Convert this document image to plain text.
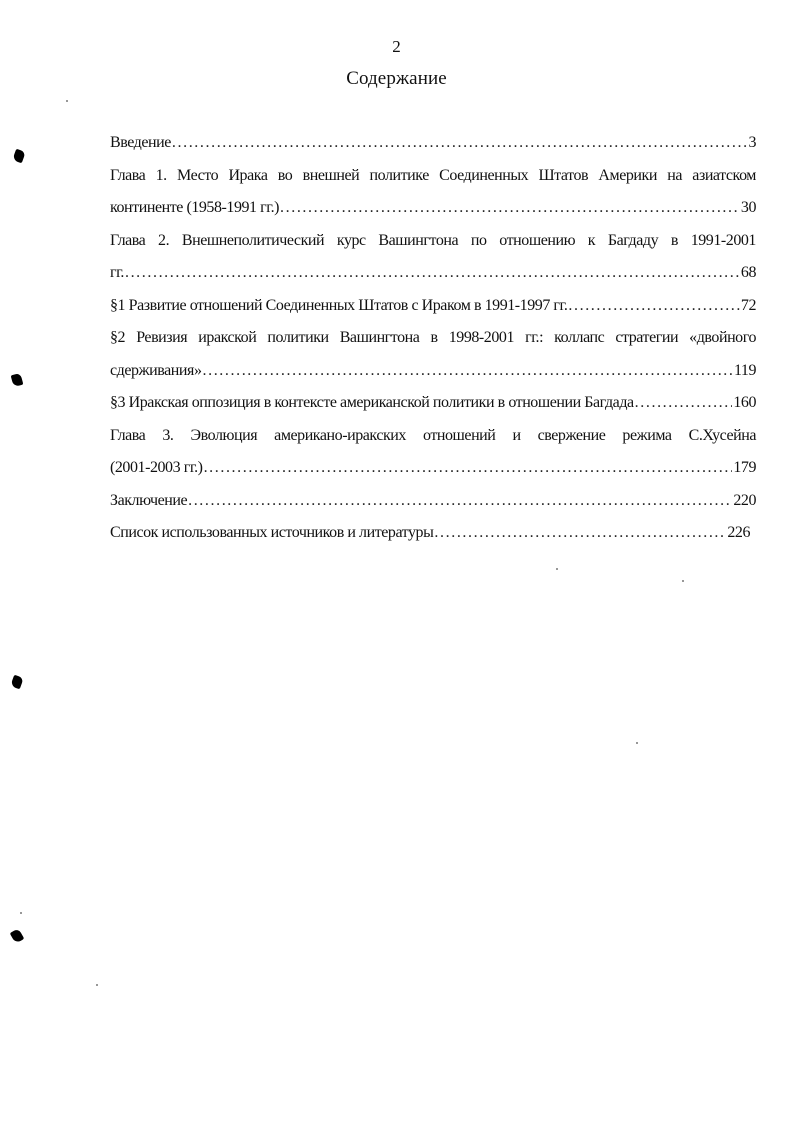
2
Содержание
Введение .....	3
Глава 1. Место Ирака во внешней политике Соединенных Штатов Америки на азиатском
континенте (1958-1991 гг.) .....	30
Глава 2. Внешнеполитический курс Вашингтона по отношению к Багдаду в 1991-2001
гг. .....	68
§1 Развитие отношений Соединенных Штатов с Ираком в 1991-1997 гг. .....	72
§2 Ревизия иракской политики Вашингтона в 1998-2001 гг.: коллапс стратегии «двойного
сдерживания» .....	119
§3 Иракская оппозиция в контексте американской политики в отношении Багдада .....	160
Глава 3. Эволюция американо-иракских отношений и свержение режима С.Хусейна
(2001-2003 гг.) .....	179
Заключение .....	220
Список использованных источников и литературы .....	226
